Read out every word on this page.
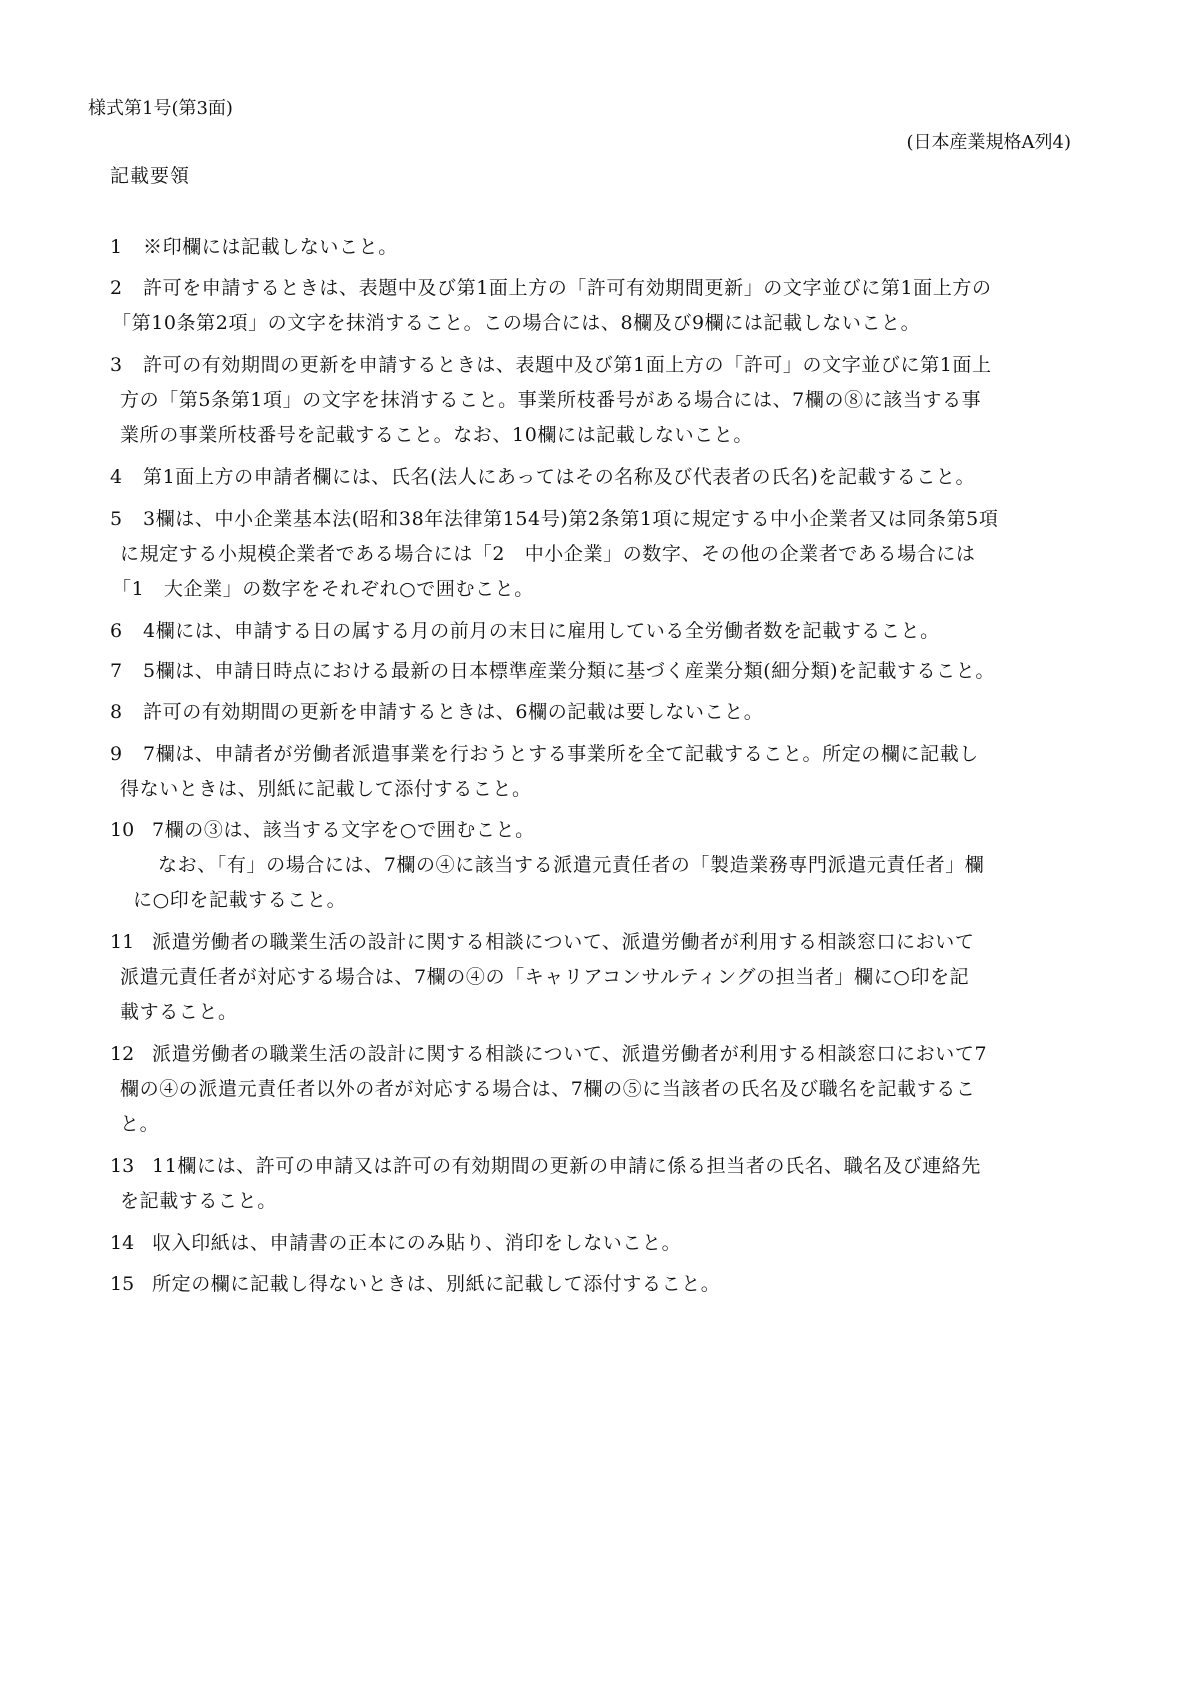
様式第1号(第3面)
(日本産業規格A列4)
記載要領
1 ※印欄には記載しないこと。
2 許可を申請するときは、表題中及び第1面上方の「許可有効期間更新」の文字並びに第1面上方の
「第10条第2項」の文字を抹消すること。この場合には、8欄及び9欄には記載しないこと。
3 許可の有効期間の更新を申請するときは、表題中及び第1面上方の「許可」の文字並びに第1面上
方の「第5条第1項」の文字を抹消すること。事業所枝番号がある場合には、7欄の⑧に該当する事
業所の事業所枝番号を記載すること。なお、10欄には記載しないこと。
4 第1面上方の申請者欄には、氏名(法人にあってはその名称及び代表者の氏名)を記載すること。
5 3欄は、中小企業基本法(昭和38年法律第154号)第2条第1項に規定する中小企業者又は同条第5項
に規定する小規模企業者である場合には「2　中小企業」の数字、その他の企業者である場合には
「1　大企業」の数字をそれぞれ○で囲むこと。
6 4欄には、申請する日の属する月の前月の末日に雇用している全労働者数を記載すること。
7 5欄は、申請日時点における最新の日本標準産業分類に基づく産業分類(細分類)を記載すること。
8 許可の有効期間の更新を申請するときは、6欄の記載は要しないこと。
9 7欄は、申請者が労働者派遣事業を行おうとする事業所を全て記載すること。所定の欄に記載し
得ないときは、別紙に記載して添付すること。
10 7欄の③は、該当する文字を○で囲むこと。
なお、「有」の場合には、7欄の④に該当する派遣元責任者の「製造業務専門派遣元責任者」欄
に○印を記載すること。
11 派遣労働者の職業生活の設計に関する相談について、派遣労働者が利用する相談窓口において
派遣元責任者が対応する場合は、7欄の④の「キャリアコンサルティングの担当者」欄に○印を記
載すること。
12 派遣労働者の職業生活の設計に関する相談について、派遣労働者が利用する相談窓口において7
欄の④の派遣元責任者以外の者が対応する場合は、7欄の⑤に当該者の氏名及び職名を記載するこ
と。
13 11欄には、許可の申請又は許可の有効期間の更新の申請に係る担当者の氏名、職名及び連絡先
を記載すること。
14 収入印紙は、申請書の正本にのみ貼り、消印をしないこと。
15 所定の欄に記載し得ないときは、別紙に記載して添付すること。
